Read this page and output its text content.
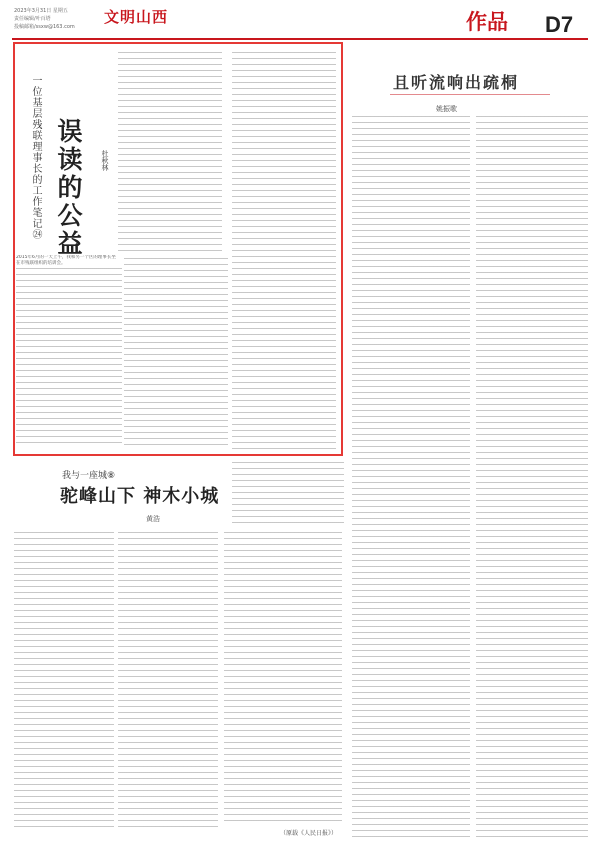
2023年3月31日 星期五
责任编辑/叶百塔
投稿邮箱/ssxw@163.com
文明山西	作品	D7
误读的公益
一位基层残联理事长的工作笔记㉔	杜秋林
2015年6月的一天上午，我和另一个区的理事长坐在市残联组织的培训会。
且听流响出疏桐
姚振歌
我与一座城⑧
驼峰山下 神木小城
黄浩
（原载《人民日报》）
